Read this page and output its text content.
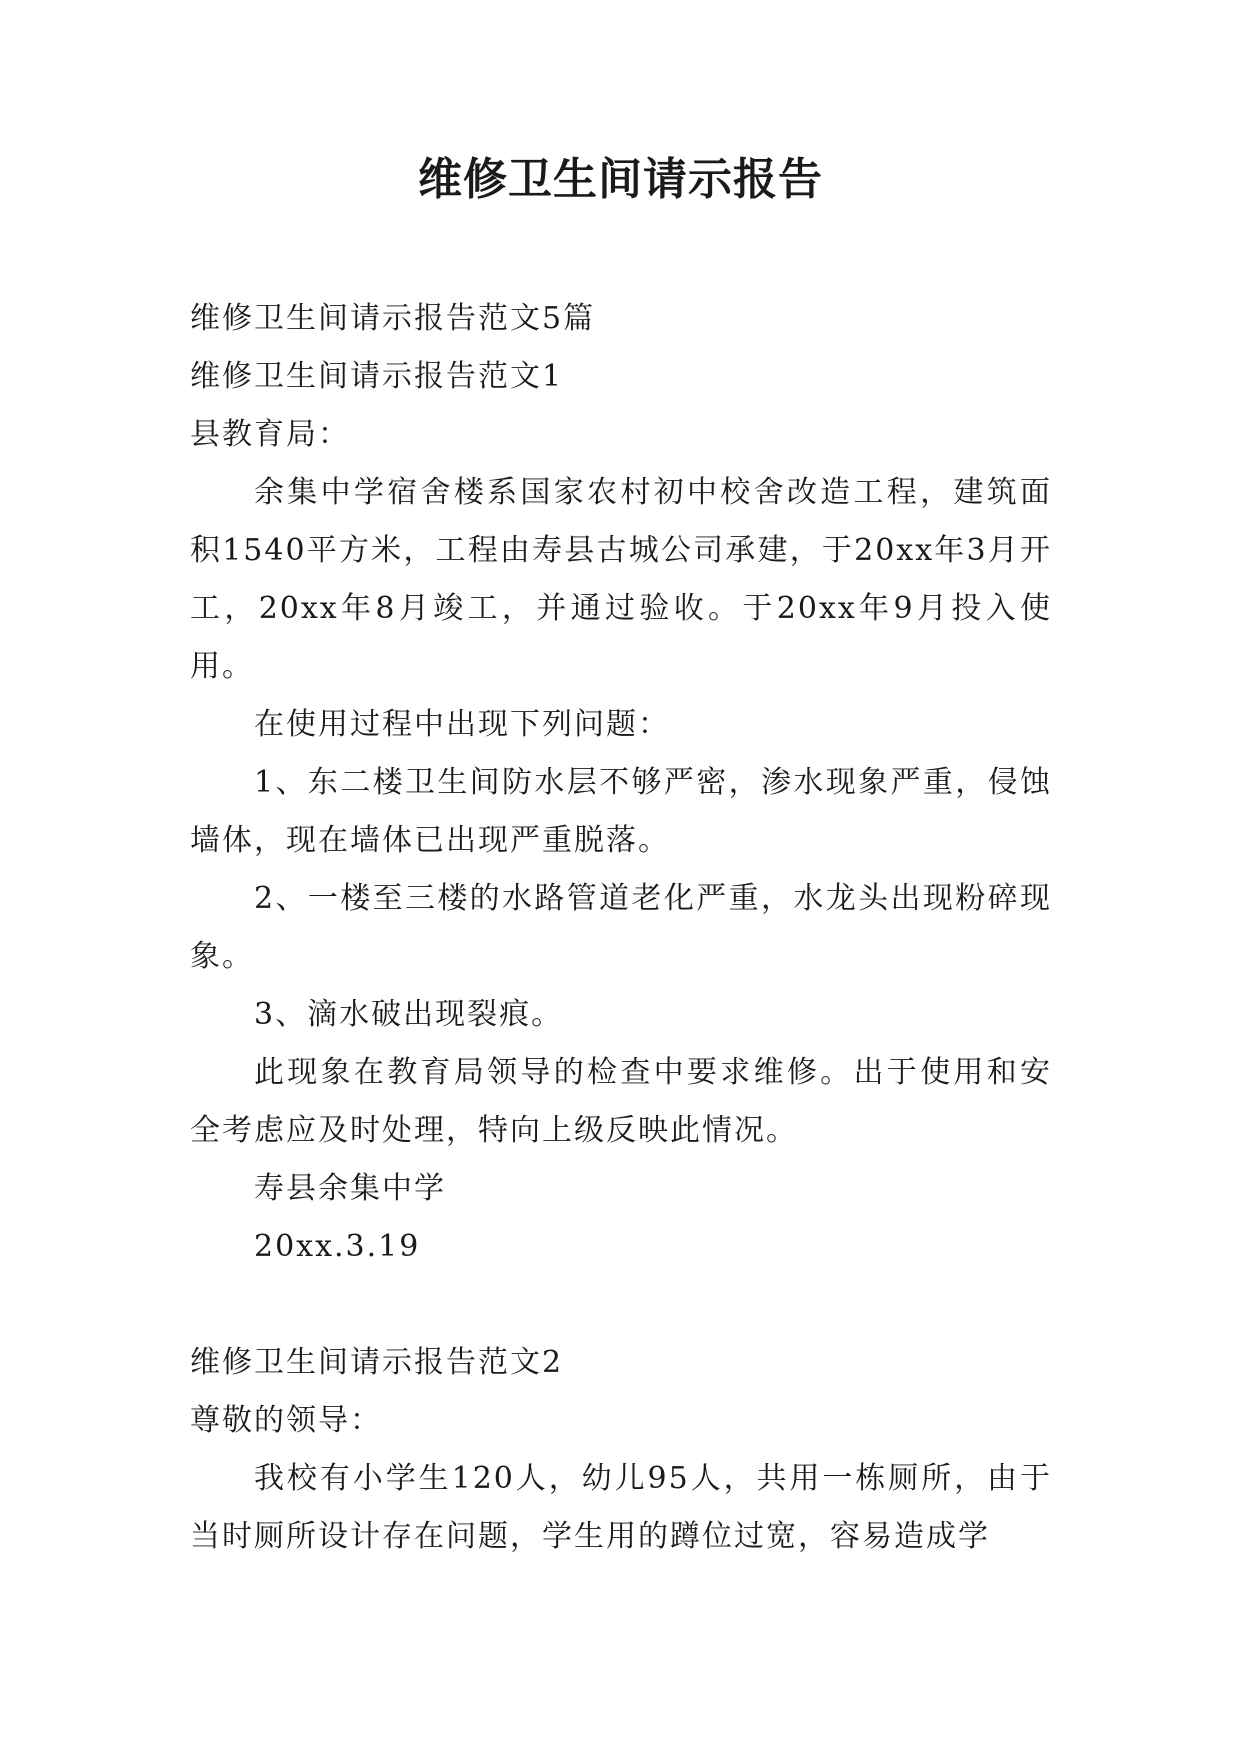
维修卫生间请示报告

维修卫生间请示报告范文5篇

维修卫生间请示报告范文1

县教育局：

余集中学宿舍楼系国家农村初中校舍改造工程，建筑面积1540平方米，工程由寿县古城公司承建，于20xx年3月开工，20xx年8月竣工，并通过验收。于20xx年9月投入使用。

在使用过程中出现下列问题：

1、东二楼卫生间防水层不够严密，渗水现象严重，侵蚀墙体，现在墙体已出现严重脱落。

2、一楼至三楼的水路管道老化严重，水龙头出现粉碎现象。

3、滴水破出现裂痕。

此现象在教育局领导的检查中要求维修。出于使用和安全考虑应及时处理，特向上级反映此情况。

寿县余集中学

20xx.3.19

维修卫生间请示报告范文2

尊敬的领导：

我校有小学生120人，幼儿95人，共用一栋厕所，由于当时厕所设计存在问题，学生用的蹲位过宽，容易造成学
